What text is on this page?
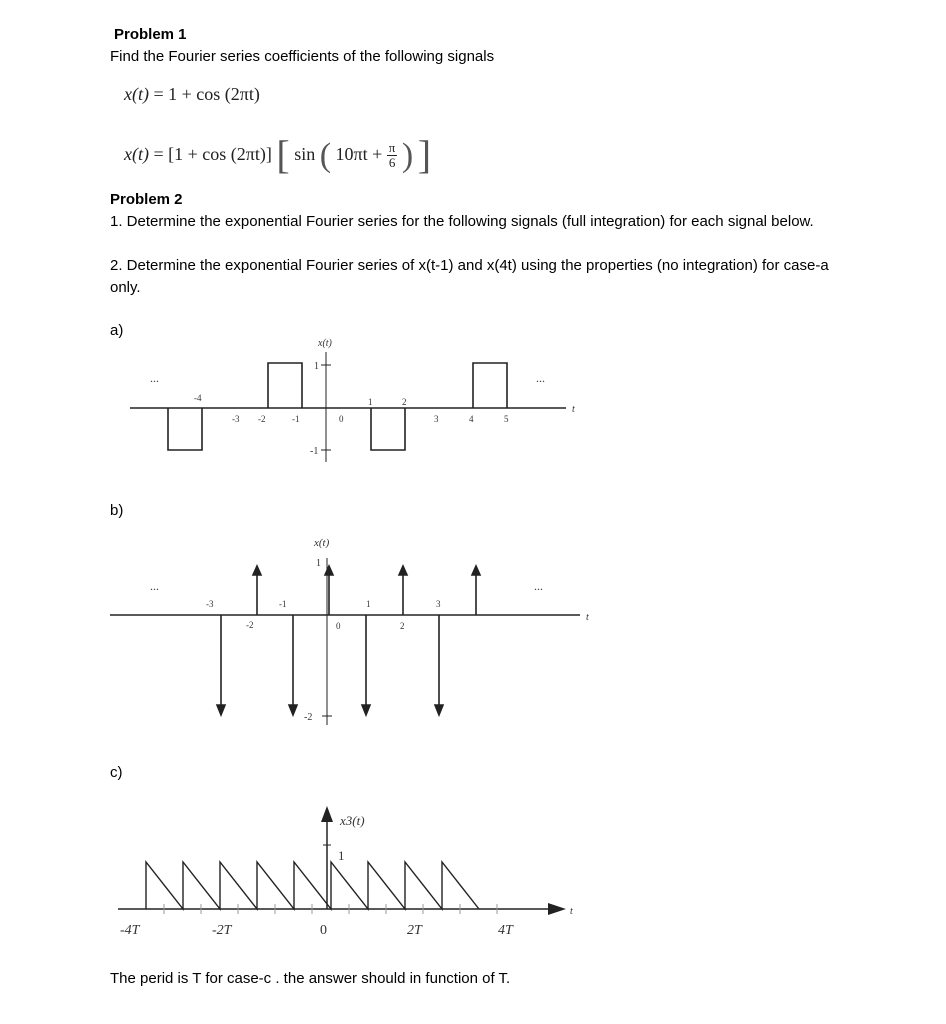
Problem 1
Find the Fourier series coefficients of the following signals
x(t) = 1 + cos (2πt)
x(t) = [1 + cos (2πt)] [ sin ( $10\pi t + \frac{\pi}{6}$ ) ]
Problem 2
1. Determine the exponential Fourier series for the following signals (full integration) for each signal below.
2. Determine the exponential Fourier series of x(t-1) and x(4t) using the properties (no integration) for case-a only.
a)
x(t)
1
-1
t
...	...
-4	1	2
-3 -2	-1	0	3	4	5
b)
x(t)
1
-2
t
...	...
-3	-1	1	3
-2	0	2
c)
x3(t)
1
t
-4T	-2T	0	2T	4T
The perid is T for case-c . the answer should in function of T.
